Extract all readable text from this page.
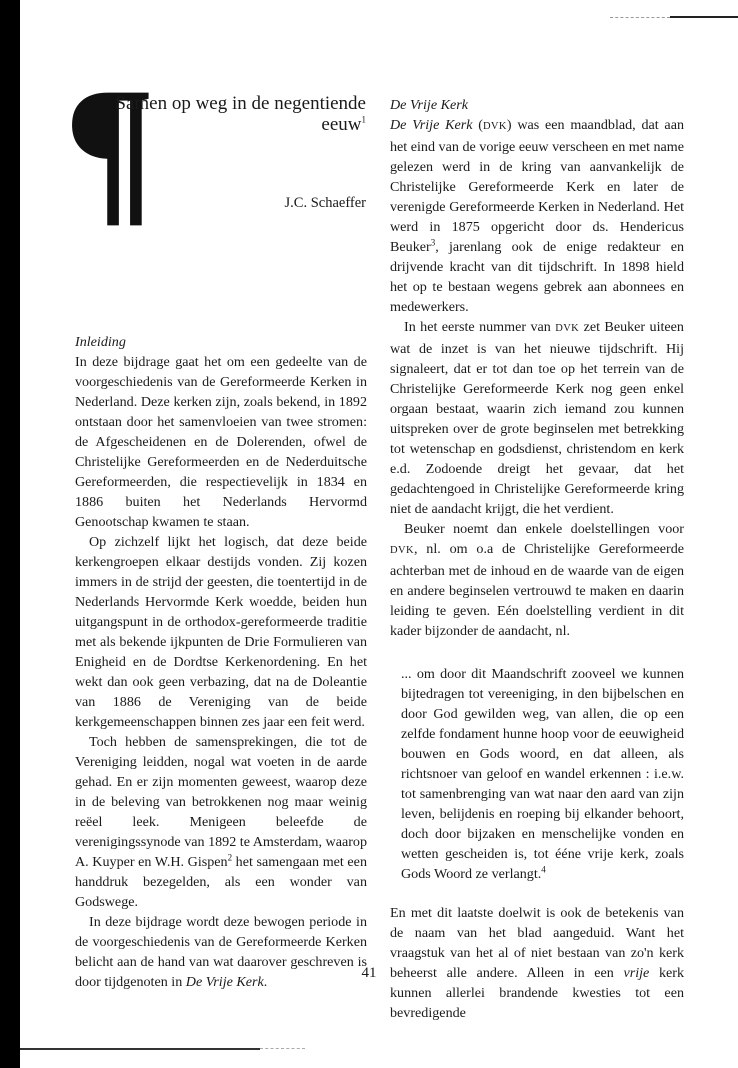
¶
Samen op weg in de negentiende eeuw$^1$
J.C. Schaeffer

Inleiding

In deze bijdrage gaat het om een gedeelte van de voorgeschiedenis van de Gereformeerde Kerken in Nederland. Deze kerken zijn, zoals bekend, in 1892 ontstaan door het samenvloeien van twee stromen: de Afgescheidenen en de Dolerenden, ofwel de Christelijke Gereformeerden en de Nederduitsche Gereformeerden, die respectievelijk in 1834 en 1886 buiten het Nederlands Hervormd Genootschap kwamen te staan.

Op zichzelf lijkt het logisch, dat deze beide kerkengroepen elkaar destijds vonden. Zij kozen immers in de strijd der geesten, die toentertijd in de Nederlands Hervormde Kerk woedde, beiden hun uitgangspunt in de orthodox-gereformeerde traditie met als bekende ijkpunten de Drie Formulieren van Enigheid en de Dordtse Kerkenordening. En het wekt dan ook geen verbazing, dat na de Doleantie van 1886 de Vereniging van de beide kerkgemeenschappen binnen zes jaar een feit werd.

Toch hebben de samensprekingen, die tot de Vereniging leidden, nogal wat voeten in de aarde gehad. En er zijn momenten geweest, waarop deze in de beleving van betrokkenen nog maar weinig reëel leek. Menigeen beleefde de verenigingssynode van 1892 te Amsterdam, waarop A. Kuyper en W.H. Gispen$^2$ het samengaan met een handdruk bezegelden, als een wonder van Godswege.

In deze bijdrage wordt deze bewogen periode in de voorgeschiedenis van de Gereformeerde Kerken belicht aan de hand van wat daarover geschreven is door tijdgenoten in De Vrije Kerk.

De Vrije Kerk

De Vrije Kerk (DVK) was een maandblad, dat aan het eind van de vorige eeuw verscheen en met name gelezen werd in de kring van aanvankelijk de Christelijke Gereformeerde Kerk en later de verenigde Gereformeerde Kerken in Nederland. Het werd in 1875 opgericht door ds. Hendericus Beuker$^3$, jarenlang ook de enige redakteur en drijvende kracht van dit tijdschrift. In 1898 hield het op te bestaan wegens gebrek aan abonnees en medewerkers.

In het eerste nummer van DVK zet Beuker uiteen wat de inzet is van het nieuwe tijdschrift. Hij signaleert, dat er tot dan toe op het terrein van de Christelijke Gereformeerde Kerk nog geen enkel orgaan bestaat, waarin zich iemand zou kunnen uitspreken over de grote beginselen met betrekking tot wetenschap en godsdienst, christendom en kerk e.d. Zodoende dreigt het gevaar, dat het gedachtengoed in Christelijke Gereformeerde kring niet de aandacht krijgt, die het verdient.

Beuker noemt dan enkele doelstellingen voor DVK, nl. om o.a de Christelijke Gereformeerde achterban met de inhoud en de waarde van de eigen en andere beginselen vertrouwd te maken en daarin leiding te geven. Eén doelstelling verdient in dit kader bijzonder de aandacht, nl.

... om door dit Maandschrift zooveel we kunnen bijtedragen tot vereeniging, in den bijbelschen en door God gewilden weg, van allen, die op een zelfde fondament hunne hoop voor de eeuwigheid bouwen en Gods woord, en dat alleen, als richtsnoer van geloof en wandel erkennen : i.e.w. tot samenbrenging van wat naar den aard van zijn leven, belijdenis en roeping bij elkander behoort, doch door bijzaken en menschelijke vonden en wetten gescheiden is, tot ééne vrije kerk, zoals Gods Woord ze verlangt.$^4$

En met dit laatste doelwit is ook de betekenis van de naam van het blad aangeduid. Want het vraagstuk van het al of niet bestaan van zo'n kerk beheerst alle andere. Alleen in een vrije kerk kunnen allerlei brandende kwesties tot een bevredigende

41
